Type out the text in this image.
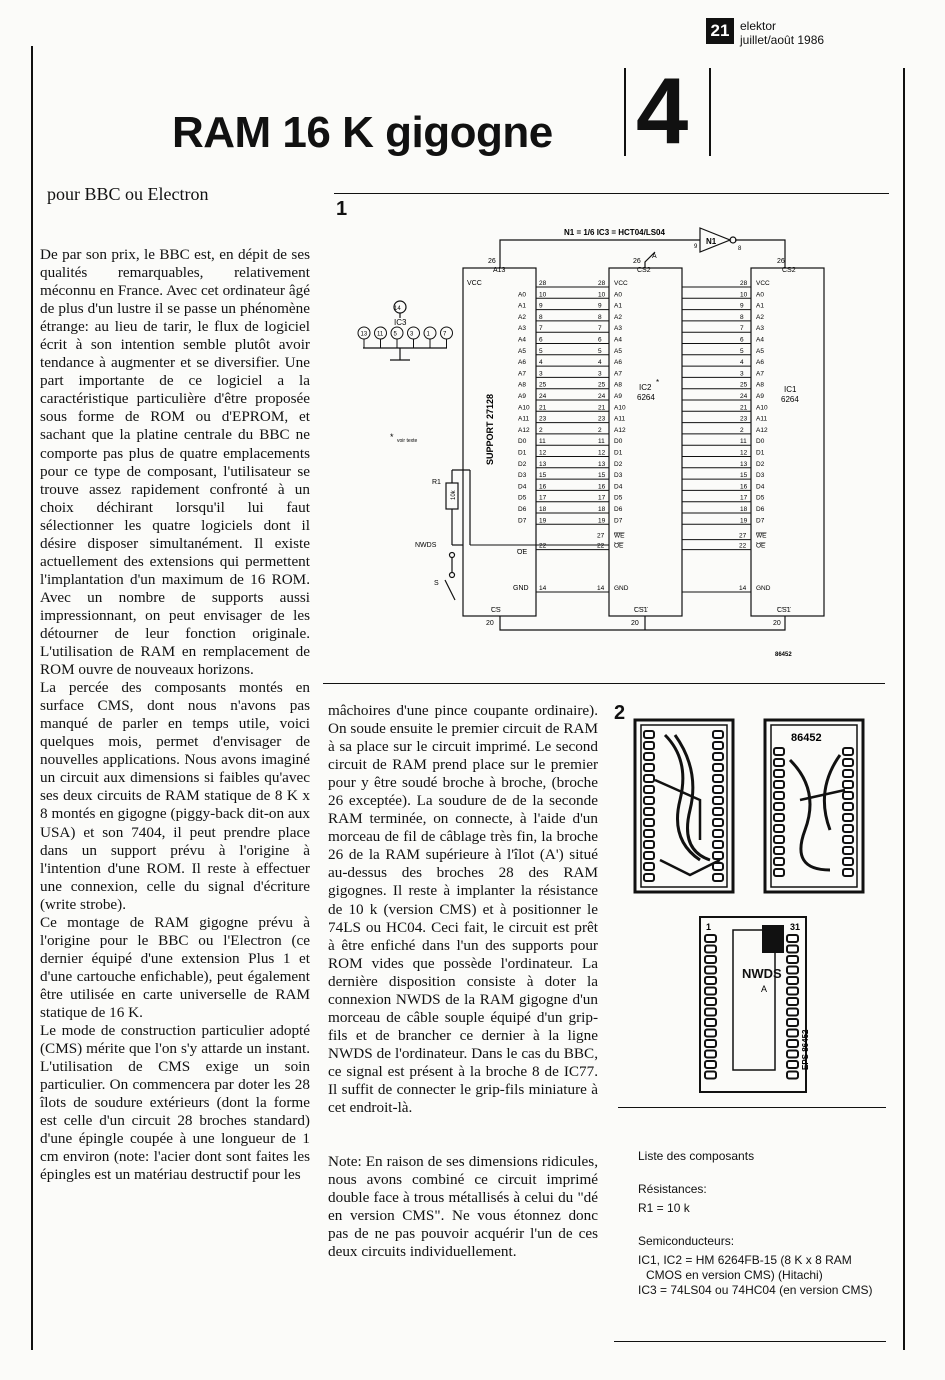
21 elektor
juillet/août 1986
RAM 16 K gigogne 4
pour BBC ou Electron
1
2
N1 = 1/6 IC3 = HCT04/LS04
N1
9	8
A
26
A13
VCC
26
CS2
26
CS2
14
IC3
13 11 5 3 1 7
* voir texte
R1
10k
NWDS
S
SUPPORT 27128
IC2
*
6264
IC1
6264
OE
GND
CS
20
CS1
20
CS1
20
86452
28	28 VCC	28 VCC
A0 10	10 A0	10 A0
A1 9	9 A1	9 A1
A2 8	8 A2	8 A2
A3 7	7 A3	7 A3
A4 6	6 A4	6 A4
A5 5	5 A5	5 A5
A6 4	4 A6	4 A6
A7 3	3 A7	3 A7
A8 25	25 A8	25 A8
A9 24	24 A9	24 A9
A10 21	21 A10	21 A10
A11 23	23 A11	23 A11
A12 2	2 A12	2 A12
D0 11	11 D0	11 D0
D1 12	12 D1	12 D1
D2 13	13 D2	13 D2
D3 15	15 D3	15 D3
D4 16	16 D4	16 D4
D5 17	17 D5	17 D5
D6 18	18 D6	18 D6
D7 19	19 D7	19 D7
27 WE	27 WE
22	22 OE	22 OE
14	14 GND	14 GND
86452
1	31
NWDS
A
EPS 86452

De par son prix, le BBC est, en dépit de ses qualités remarquables, relativement méconnu en France. Avec cet ordinateur âgé de plus d'un lustre il se passe un phénomène étrange: au lieu de tarir, le flux de logiciel écrit à son intention semble plutôt avoir tendance à augmenter et se diversifier. Une part importante de ce logiciel a la caractéristique particulière d'être proposée sous forme de ROM ou d'EPROM, et sachant que la platine centrale du BBC ne comporte pas plus de quatre emplacements pour ce type de composant, l'utilisateur se trouve assez rapidement confronté à un choix déchirant lorsqu'il lui faut sélectionner les quatre logiciels dont il désire disposer simultanément. Il existe actuellement des extensions qui permettent l'implantation d'un maximum de 16 ROM. Avec un nombre de supports aussi impressionnant, on peut envisager de les détourner de leur fonction originale. L'utilisation de RAM en remplacement de ROM ouvre de nouveaux horizons.

La percée des composants montés en surface CMS, dont nous n'avons pas manqué de parler en temps utile, voici quelques mois, permet d'envisager de nouvelles applications. Nous avons imaginé un circuit aux dimensions si faibles qu'avec ses deux circuits de RAM statique de 8 K x 8 montés en gigogne (piggy-back dit-on aux USA) et son 7404, il peut prendre place dans un support prévu à l'origine à l'intention d'une ROM. Il reste à effectuer une connexion, celle du signal d'écriture (write strobe).

Ce montage de RAM gigogne prévu à l'origine pour le BBC ou l'Electron (ce dernier équipé d'une extension Plus 1 et d'une cartouche enfichable), peut également être utilisée en carte universelle de RAM statique de 16 K.

Le mode de construction particulier adopté (CMS) mérite que l'on s'y attarde un instant. L'utilisation de CMS exige un soin particulier. On commencera par doter les 28 îlots de soudure extérieurs (dont la forme est celle d'un circuit 28 broches standard) d'une épingle coupée à une longueur de 1 cm environ (note: l'acier dont sont faites les épingles est un matériau destructif pour les

mâchoires d'une pince coupante ordinaire). On soude ensuite le premier circuit de RAM à sa place sur le circuit imprimé. Le second circuit de RAM prend place sur le premier pour y être soudé broche à broche, (broche 26 exceptée). La soudure de de la seconde RAM terminée, on connecte, à l'aide d'un morceau de fil de câblage très fin, la broche 26 de la RAM supérieure à l'îlot (A') situé au-dessus des broches 28 des RAM gigognes. Il reste à implanter la résistance de 10 k (version CMS) et à positionner le 74LS ou HC04. Ceci fait, le circuit est prêt à être enfiché dans l'un des supports pour ROM vides que possède l'ordinateur. La dernière disposition consiste à doter la connexion NWDS de la RAM gigogne d'un morceau de câble souple équipé d'un grip-fils et de brancher ce dernier à la ligne NWDS de l'ordinateur. Dans le cas du BBC, ce signal est présent à la broche 8 de IC77. Il suffit de connecter le grip-fils miniature à cet endroit-là.

Note: En raison de ses dimensions ridicules, nous avons combiné ce circuit imprimé double face à trous métallisés à celui du "dé en version CMS". Ne vous étonnez donc pas de ne pas pouvoir acquérir l'un de ces deux circuits individuellement.

Liste des composants
Résistances:
R1 = 10 k
Semiconducteurs:
IC1, IC2 = HM 6264FB-15 (8 K x 8 RAM
CMOS en version CMS) (Hitachi)
IC3 = 74LS04 ou 74HC04 (en version CMS)
